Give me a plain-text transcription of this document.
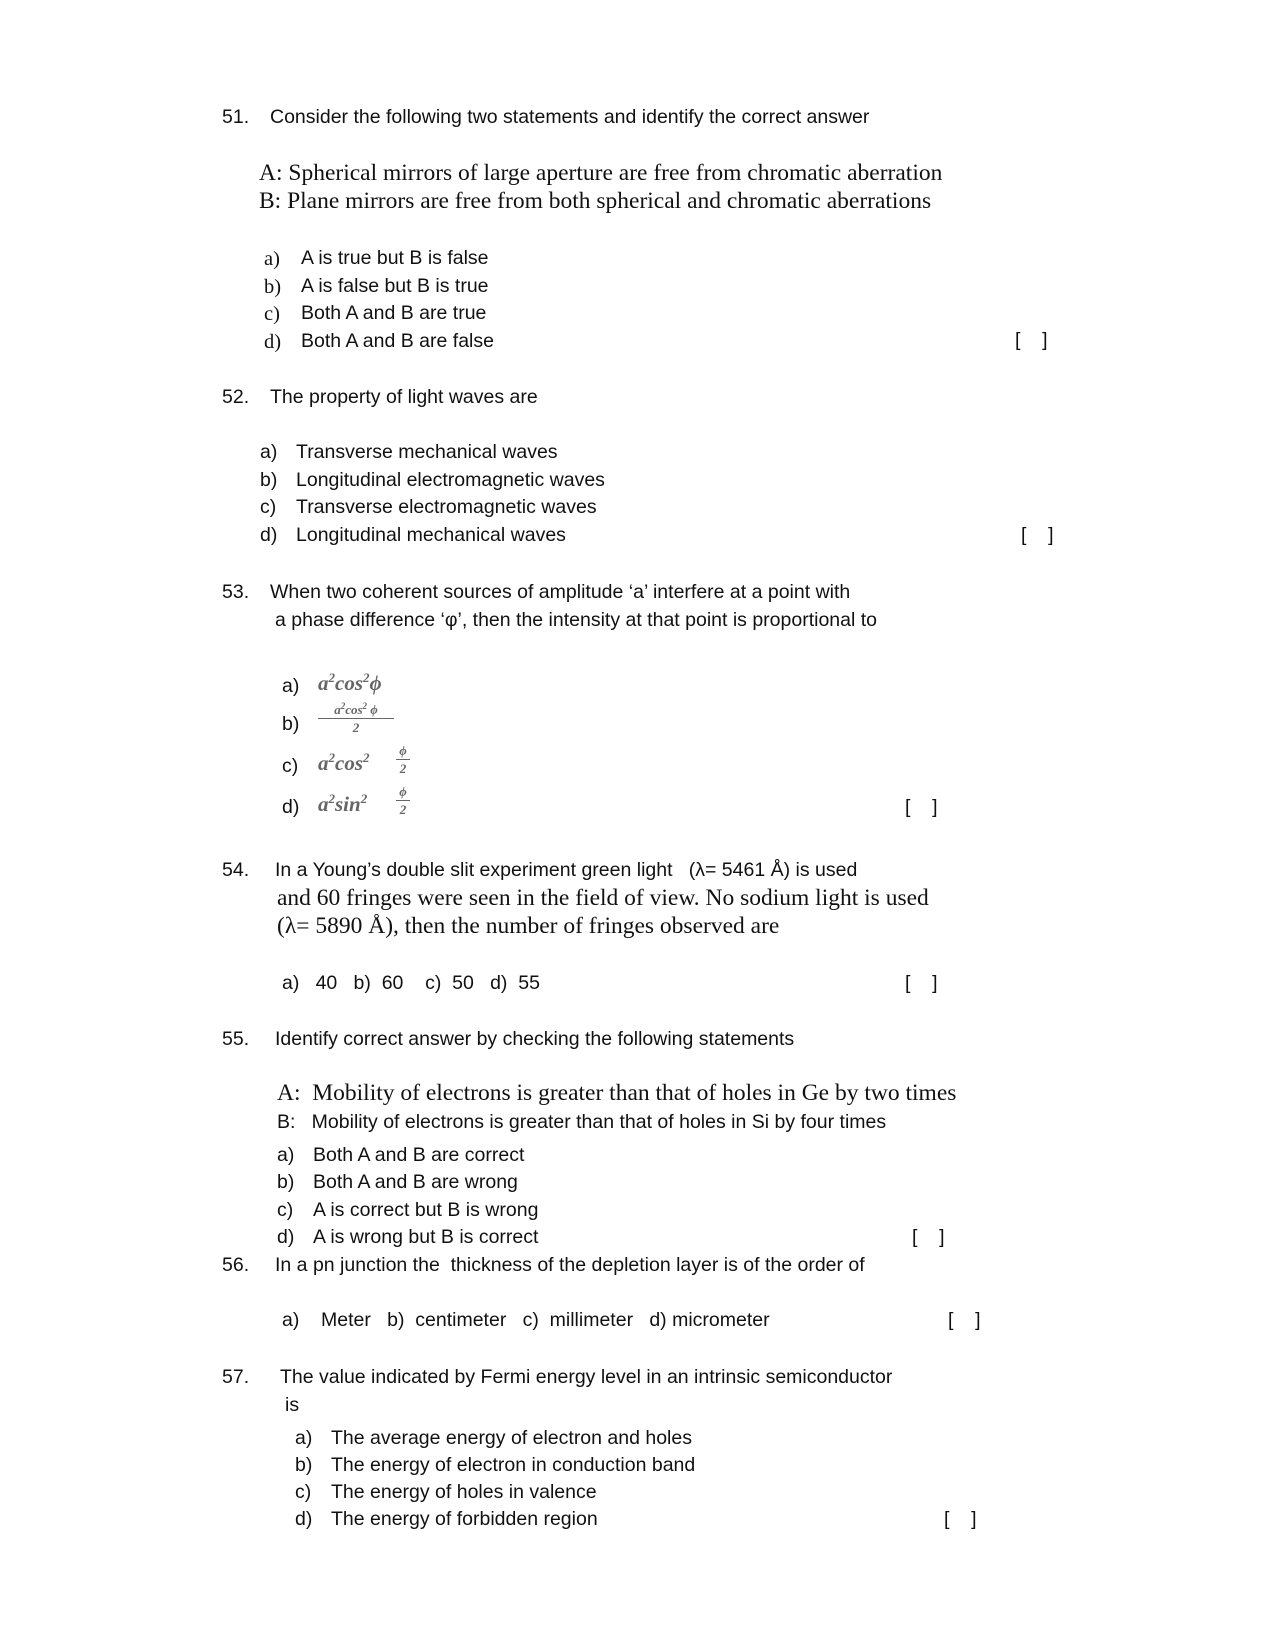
51. Consider the following two statements and identify the correct answer
A: Spherical mirrors of large aperture are free from chromatic aberration
B: Plane mirrors are free from both spherical and chromatic aberrations
a) A is true but B is false
b) A is false but B is true
c) Both A and B are true
d) Both A and B are false	[    ]
52. The property of light waves are
a) Transverse mechanical waves
b) Longitudinal electromagnetic waves
c) Transverse electromagnetic waves
d) Longitudinal mechanical waves	[    ]
53. When two coherent sources of amplitude ‘a’ interfere at a point with
a phase difference ‘φ’, then the intensity at that point is proportional to
a) $a^2\cos^2\phi$
b)
$a^2\cos^2$ ϕ
2
c) $a^2\cos^2$ ϕ
2
d) $a^2\sin^2$ ϕ
2	[    ]
54. In a Young’s double slit experiment green light   (λ= 5461 Å) is used
and 60 fringes were seen in the field of view. No sodium light is used
(λ= 5890 Å), then the number of fringes observed are
a)   40   b)  60    c)  50   d)  55	[    ]
55. Identify correct answer by checking the following statements
A:  Mobility of electrons is greater than that of holes in Ge by two times
B:   Mobility of electrons is greater than that of holes in Si by four times
a) Both A and B are correct
b) Both A and B are wrong
c) A is correct but B is wrong
d) A is wrong but B is correct	[    ]
56. In a pn junction the  thickness of the depletion layer is of the order of
a)    Meter   b)  centimeter   c)  millimeter   d) micrometer	[    ]
57. The value indicated by Fermi energy level in an intrinsic semiconductor
is
a) The average energy of electron and holes
b) The energy of electron in conduction band
c) The energy of holes in valence
d) The energy of forbidden region	[    ]
